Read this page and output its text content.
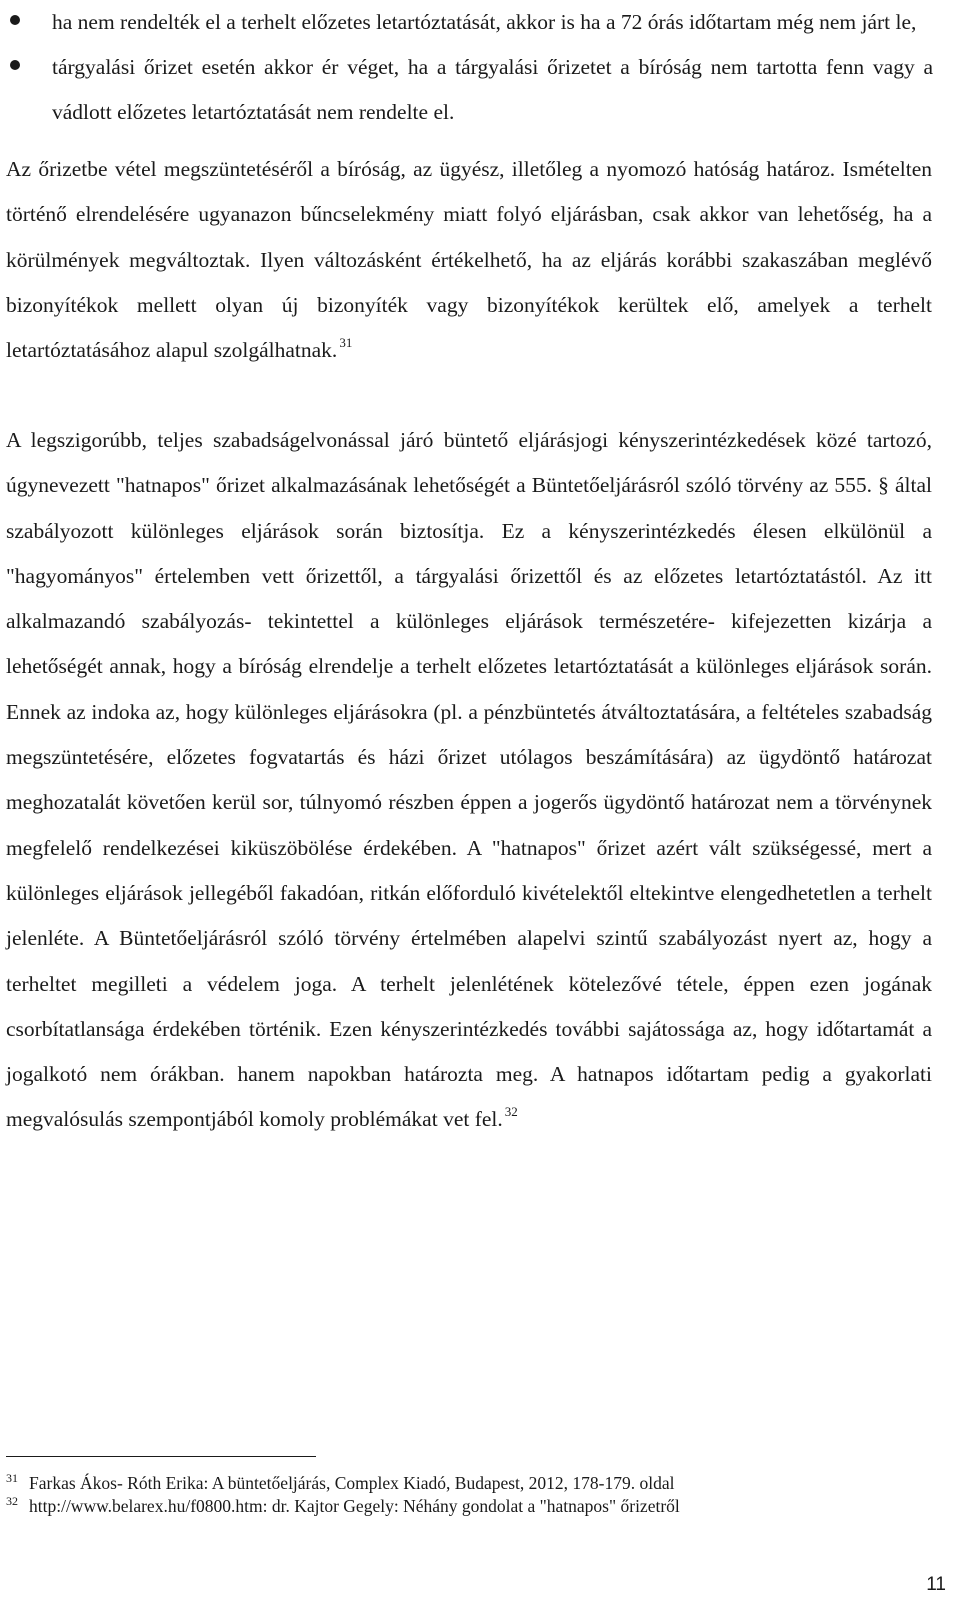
ha nem rendelték el a terhelt előzetes letartóztatását, akkor is ha a 72 órás időtartam még nem járt le,
tárgyalási őrizet esetén akkor ér véget, ha a tárgyalási őrizetet a bíróság nem tartotta fenn vagy a vádlott előzetes letartóztatását nem rendelte el.

Az őrizetbe vétel megszüntetéséről a bíróság, az ügyész, illetőleg a nyomozó hatóság határoz. Ismételten történő elrendelésére ugyanazon bűncselekmény miatt folyó eljárásban, csak akkor van lehetőség, ha a körülmények megváltoztak. Ilyen változásként értékelhető, ha az eljárás korábbi szakaszában meglévő bizonyítékok mellett olyan új bizonyíték vagy bizonyítékok kerültek elő, amelyek a terhelt letartóztatásához alapul szolgálhatnak. $^{31}$

A legszigorúbb, teljes szabadságelvonással járó büntető eljárásjogi kényszerintézkedések közé tartozó, úgynevezett "hatnapos" őrizet alkalmazásának lehetőségét a Büntetőeljárásról szóló törvény az 555. § által szabályozott különleges eljárások során biztosítja. Ez a kényszerintézkedés élesen elkülönül a "hagyományos" értelemben vett őrizettől, a tárgyalási őrizettől és az előzetes letartóztatástól. Az itt alkalmazandó szabályozás- tekintettel a különleges eljárások természetére- kifejezetten kizárja a lehetőségét annak, hogy a bíróság elrendelje a terhelt előzetes letartóztatását a különleges eljárások során. Ennek az indoka az, hogy különleges eljárásokra (pl. a pénzbüntetés átváltoztatására, a feltételes szabadság megszüntetésére, előzetes fogvatartás és házi őrizet utólagos beszámítására) az ügydöntő határozat meghozatalát követően kerül sor, túlnyomó részben éppen a jogerős ügydöntő határozat nem a törvénynek megfelelő rendelkezései kiküszöbölése érdekében. A "hatnapos" őrizet azért vált szükségessé, mert a különleges eljárások jellegéből fakadóan, ritkán előforduló kivételektől eltekintve elengedhetetlen a terhelt jelenléte. A Büntetőeljárásról szóló törvény értelmében alapelvi szintű szabályozást nyert az, hogy a terheltet megilleti a védelem joga. A terhelt jelenlétének kötelezővé tétele, éppen ezen jogának csorbítatlansága érdekében történik. Ezen kényszerintézkedés további sajátossága az, hogy időtartamát a jogalkotó nem órákban. hanem napokban határozta meg. A hatnapos időtartam pedig a gyakorlati megvalósulás szempontjából komoly problémákat vet fel. $^{32}$

31 Farkas Ákos- Róth Erika: A büntetőeljárás, Complex Kiadó, Budapest, 2012, 178-179. oldal
32 http://www.belarex.hu/f0800.htm: dr. Kajtor Gegely: Néhány gondolat a "hatnapos" őrizetről
11
